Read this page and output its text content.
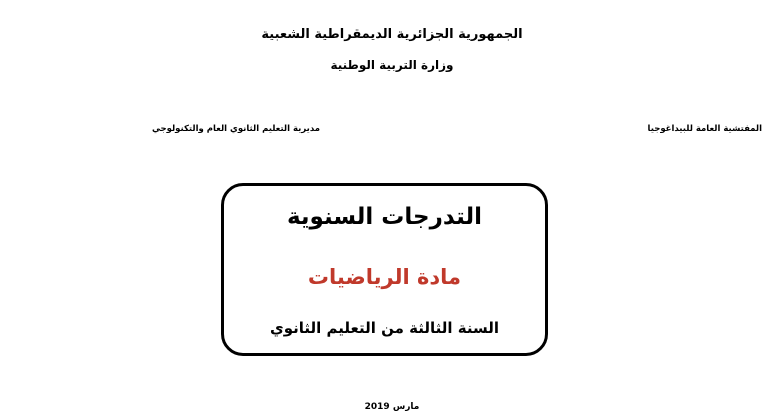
الجمهورية الجزائرية الديمقراطية الشعبية
وزارة التربية الوطنية
المفتشية العامة للبيداغوجيا
مديرية التعليم الثانوي العام والتكنولوجي
التدرجات السنوية
مادة الرياضيات
السنة الثالثة من التعليم الثانوي
مارس 2019
